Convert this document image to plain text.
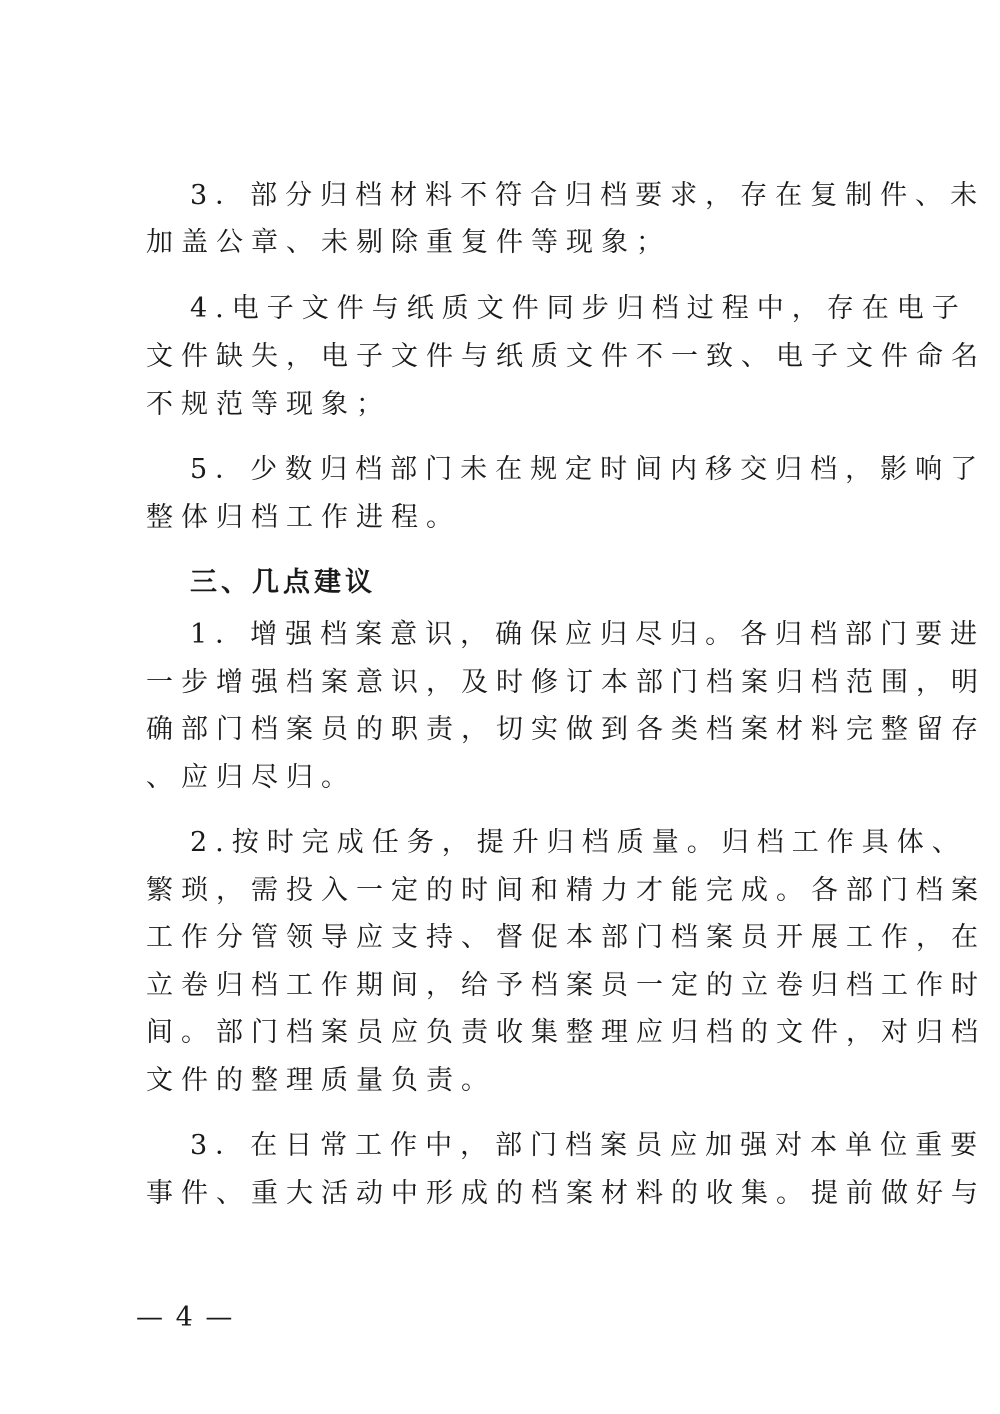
3．部分归档材料不符合归档要求，存在复制件、未
加盖公章、未剔除重复件等现象；
4.电子文件与纸质文件同步归档过程中，存在电子
文件缺失，电子文件与纸质文件不一致、电子文件命名
不规范等现象；
5．少数归档部门未在规定时间内移交归档，影响了
整体归档工作进程。
三、几点建议
1．增强档案意识，确保应归尽归。各归档部门要进
一步增强档案意识，及时修订本部门档案归档范围，明
确部门档案员的职责，切实做到各类档案材料完整留存
、应归尽归。
2.按时完成任务，提升归档质量。归档工作具体、
繁琐，需投入一定的时间和精力才能完成。各部门档案
工作分管领导应支持、督促本部门档案员开展工作，在
立卷归档工作期间，给予档案员一定的立卷归档工作时
间。部门档案员应负责收集整理应归档的文件，对归档
文件的整理质量负责。
3．在日常工作中，部门档案员应加强对本单位重要
事件、重大活动中形成的档案材料的收集。提前做好与
— 4 —
